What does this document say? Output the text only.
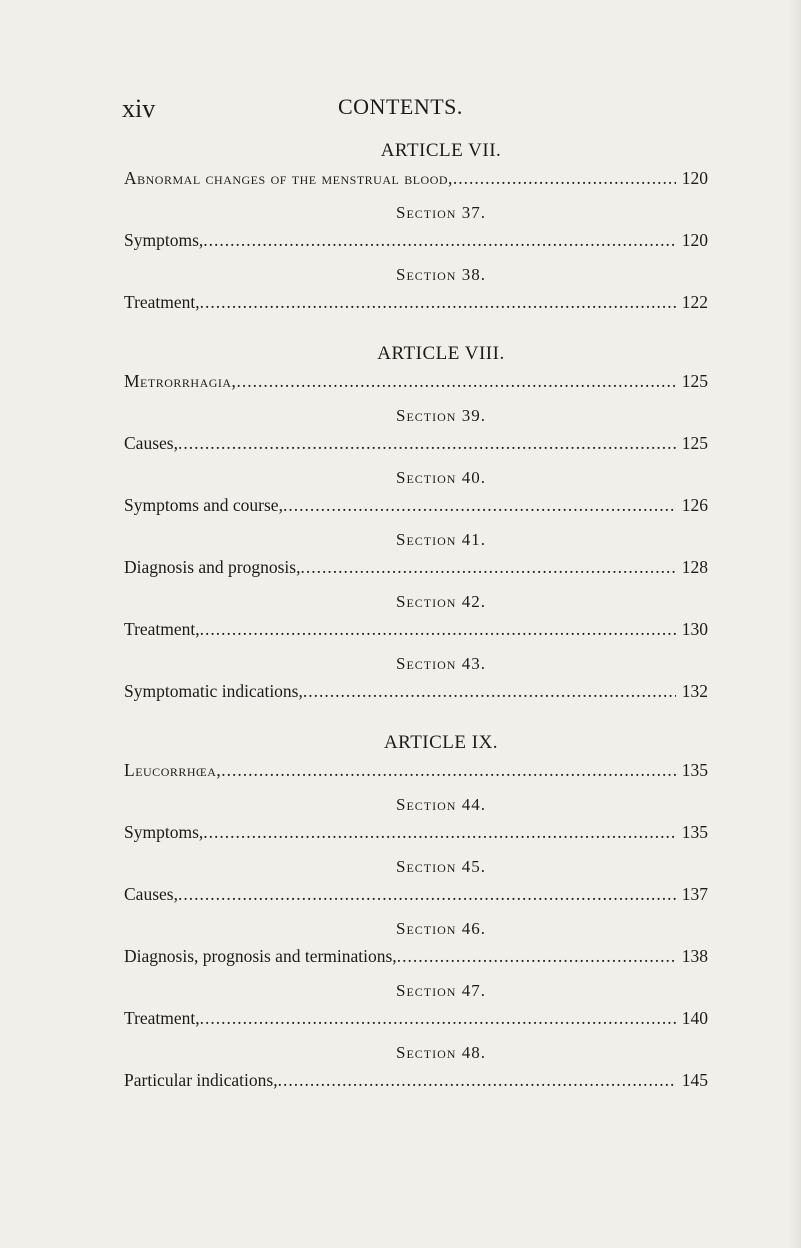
xiv	CONTENTS.
ARTICLE VII.
Abnormal changes of the menstrual blood, .....	120
Section 37.
Symptoms, .....	120
Section 38.
Treatment, .....	122
ARTICLE VIII.
Metrorrhagia, .....	125
Section 39.
Causes, .....	125
Section 40.
Symptoms and course, .....	126
Section 41.
Diagnosis and prognosis, .....	128
Section 42.
Treatment, .....	130
Section 43.
Symptomatic indications, .....	132
ARTICLE IX.
Leucorrhœa, .....	135
Section 44.
Symptoms, .....	135
Section 45.
Causes, .....	137
Section 46.
Diagnosis, prognosis and terminations, .....	138
Section 47.
Treatment, .....	140
Section 48.
Particular indications, .....	145
